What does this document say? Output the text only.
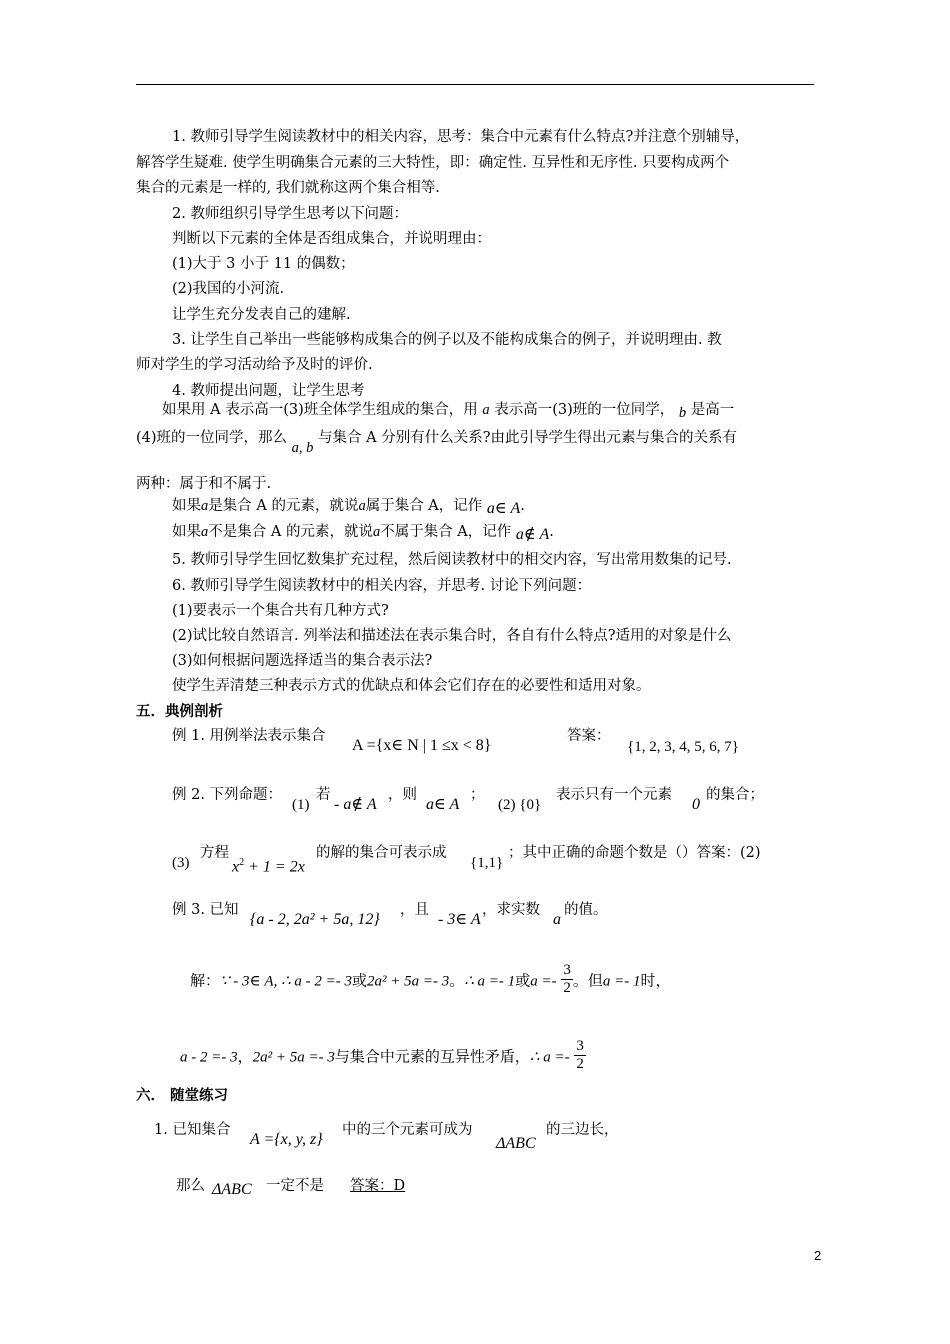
1. 教师引导学生阅读教材中的相关内容，思考：集合中元素有什么特点?并注意个别辅导，
解答学生疑难. 使学生明确集合元素的三大特性，即：确定性. 互异性和无序性. 只要构成两个
集合的元素是一样的, 我们就称这两个集合相等.
2. 教师组织引导学生思考以下问题：
判断以下元素的全体是否组成集合，并说明理由：
(1)大于 3 小于 11 的偶数；
(2)我国的小河流.
让学生充分发表自己的建解.
3. 让学生自己举出一些能够构成集合的例子以及不能构成集合的例子，并说明理由. 教
师对学生的学习活动给予及时的评价.
4. 教师提出问题，让学生思考
如果用 A 表示高一(3)班全体学生组成的集合，用 a 表示高一(3)班的一位同学， b 是高一
(4)班的一位同学，那么 a, b 与集合 A 分别有什么关系?由此引导学生得出元素与集合的关系有
两种：属于和不属于.
如果a是集合 A 的元素，就说a属于集合 A，记作 a∈ A.
如果a不是集合 A 的元素，就说a不属于集合 A，记作 a∉ A.
5. 教师引导学生回忆数集扩充过程，然后阅读教材中的相交内容，写出常用数集的记号.
6. 教师引导学生阅读教材中的相关内容，并思考. 讨论下列问题：
(1)要表示一个集合共有几种方式?
(2)试比较自然语言. 列举法和描述法在表示集合时，各自有什么特点?适用的对象是什么
(3)如何根据问题选择适当的集合表示法?
使学生弄清楚三种表示方式的优缺点和体会它们存在的必要性和适用对象。
五．典例剖析
例 1. 用例举法表示集合
A ={x∈ N | 1 ≤x < 8}
答案：
{1, 2, 3, 4, 5, 6, 7}
例 2. 下列命题：
(1)
若
- a∉ A
，则
a∈ A
；
(2) {0}
表示只有一个元素
0
的集合；
(3)
方程
$x^2 + 1 = 2x$
的解的集合可表示成
{1,1}
；其中正确的命题个数是（）答案：(2)
例 3. 已知
{a - 2, 2a² + 5a, 12}
，且
- 3∈ A
，求实数
a
的值。
解：∵ - 3∈ A, ∴ a - 2 =- 3或2a² + 5a =- 3。∴ a =- 1或$a =- \frac{3}{2}$ 。但a =- 1时，
a - 2 =- 3，2a² + 5a =- 3与集合中元素的互异性矛盾，∴ $a =- \frac{3}{2}$
六． 随堂练习
1. 已知集合
A ={x, y, z}
中的三个元素可成为
ΔABC
的三边长，
那么 ΔABC 一定不是 答案：D
2
